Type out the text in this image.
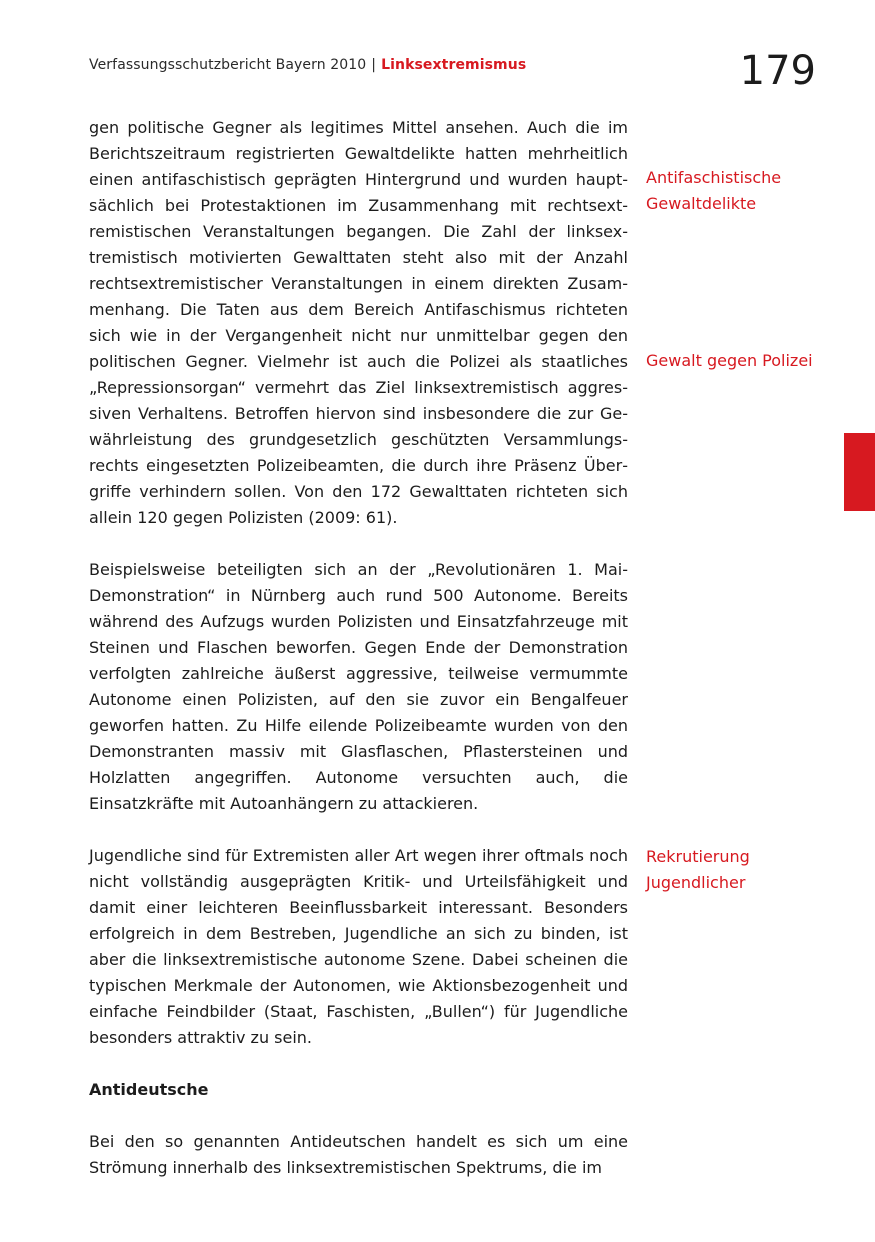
Verfassungsschutzbericht Bayern 2010 | Linksextremismus	179

gen politische Gegner als legitimes Mittel ansehen. Auch die im Berichtszeitraum registrierten Gewaltdelikte hatten mehrheitlich einen antifaschistisch geprägten Hintergrund und wurden hauptsächlich bei Protestaktionen im Zusammenhang mit rechtsextremistischen Veranstaltungen begangen. Die Zahl der linksextremistisch motivierten Gewalttaten steht also mit der Anzahl rechtsextremistischer Veranstaltungen in einem direkten Zusammenhang. Die Taten aus dem Bereich Antifaschismus richteten sich wie in der Vergangenheit nicht nur unmittelbar gegen den politischen Gegner. Vielmehr ist auch die Polizei als staatliches „Repressionsorgan“ vermehrt das Ziel linksextremistisch aggressiven Verhaltens. Betroffen hiervon sind insbesondere die zur Gewährleistung des grundgesetzlich geschützten Versammlungsrechts eingesetzten Polizeibeamten, die durch ihre Präsenz Übergriffe verhindern sollen. Von den 172 Gewalttaten richteten sich allein 120 gegen Polizisten (2009: 61).

Beispielsweise beteiligten sich an der „Revolutionären 1. Mai-Demonstration“ in Nürnberg auch rund 500 Autonome. Bereits während des Aufzugs wurden Polizisten und Einsatzfahrzeuge mit Steinen und Flaschen beworfen. Gegen Ende der Demonstration verfolgten zahlreiche äußerst aggressive, teilweise vermummte Autonome einen Polizisten, auf den sie zuvor ein Bengalfeuer geworfen hatten. Zu Hilfe eilende Polizeibeamte wurden von den Demonstranten massiv mit Glasflaschen, Pflastersteinen und Holzlatten angegriffen. Autonome versuchten auch, die Einsatzkräfte mit Autoanhängern zu attackieren.

Jugendliche sind für Extremisten aller Art wegen ihrer oftmals noch nicht vollständig ausgeprägten Kritik- und Urteilsfähigkeit und damit einer leichteren Beeinflussbarkeit interessant. Besonders erfolgreich in dem Bestreben, Jugendliche an sich zu binden, ist aber die linksextremistische autonome Szene. Dabei scheinen die typischen Merkmale der Autonomen, wie Aktionsbezogenheit und einfache Feindbilder (Staat, Faschisten, „Bullen“) für Jugendliche besonders attraktiv zu sein.

Antideutsche

Bei den so genannten Antideutschen handelt es sich um eine Strömung innerhalb des linksextremistischen Spektrums, die im

Antifaschistische Gewaltdelikte
Gewalt gegen Polizei
Rekrutierung Jugendlicher
